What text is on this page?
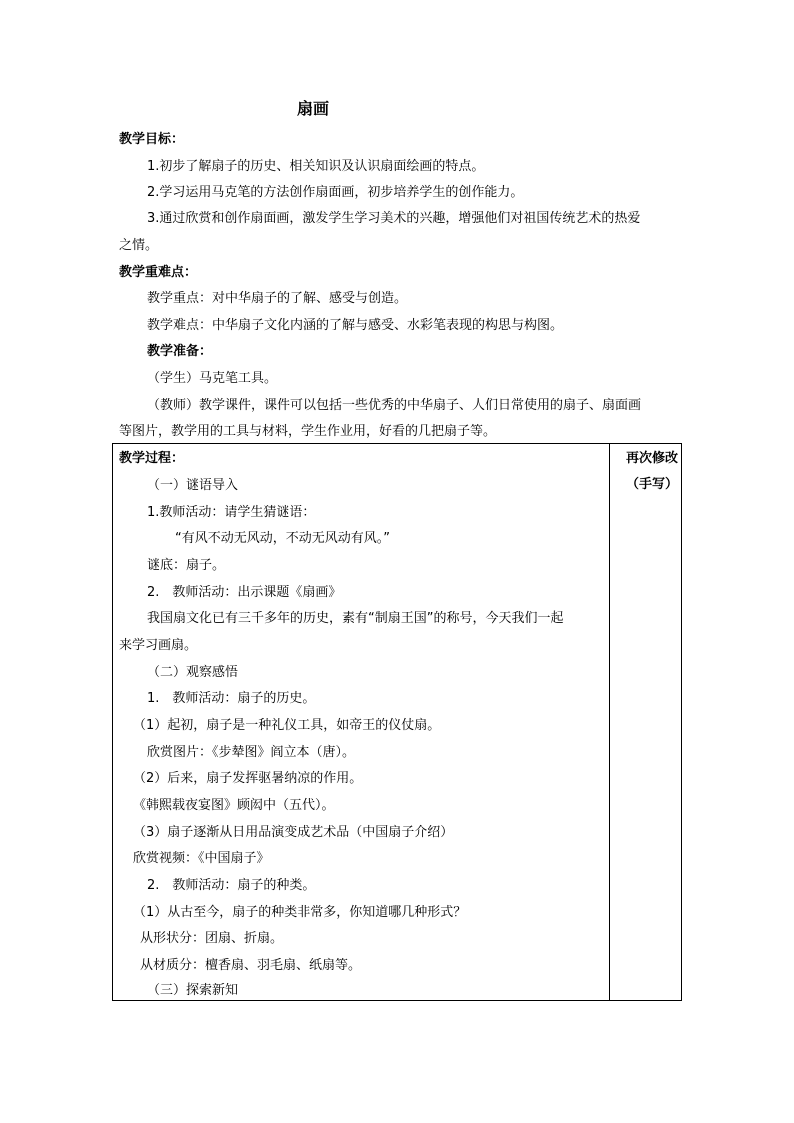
扇画
教学目标：
1.初步了解扇子的历史、相关知识及认识扇面绘画的特点。
2.学习运用马克笔的方法创作扇面画，初步培养学生的创作能力。
3.通过欣赏和创作扇面画，激发学生学习美术的兴趣，增强他们对祖国传统艺术的热爱
之情。
教学重难点：
教学重点：对中华扇子的了解、感受与创造。
教学难点：中华扇子文化内涵的了解与感受、水彩笔表现的构思与构图。
教学准备：
（学生）马克笔工具。
（教师）教学课件，课件可以包括一些优秀的中华扇子、人们日常使用的扇子、扇面画
等图片，教学用的工具与材料，学生作业用，好看的几把扇子等。
教学过程：	再次修改（手写）
（一）谜语导入
1.教师活动：请学生猜谜语：
“有风不动无风动，不动无风动有风。”
谜底：扇子。
2.　教师活动：出示课题《扇画》
我国扇文化已有三千多年的历史，素有“制扇王国”的称号，今天我们一起
来学习画扇。
（二）观察感悟
1.　教师活动：扇子的历史。
（1）起初，扇子是一种礼仪工具，如帝王的仪仗扇。
欣赏图片：《步辇图》阎立本（唐）。
（2）后来，扇子发挥驱暑纳凉的作用。
《韩熙载夜宴图》顾闳中（五代）。
（3）扇子逐渐从日用品演变成艺术品（中国扇子介绍）
欣赏视频：《中国扇子》
2.　教师活动：扇子的种类。
（1）从古至今，扇子的种类非常多，你知道哪几种形式？
从形状分：团扇、折扇。
从材质分：檀香扇、羽毛扇、纸扇等。
（三）探索新知
